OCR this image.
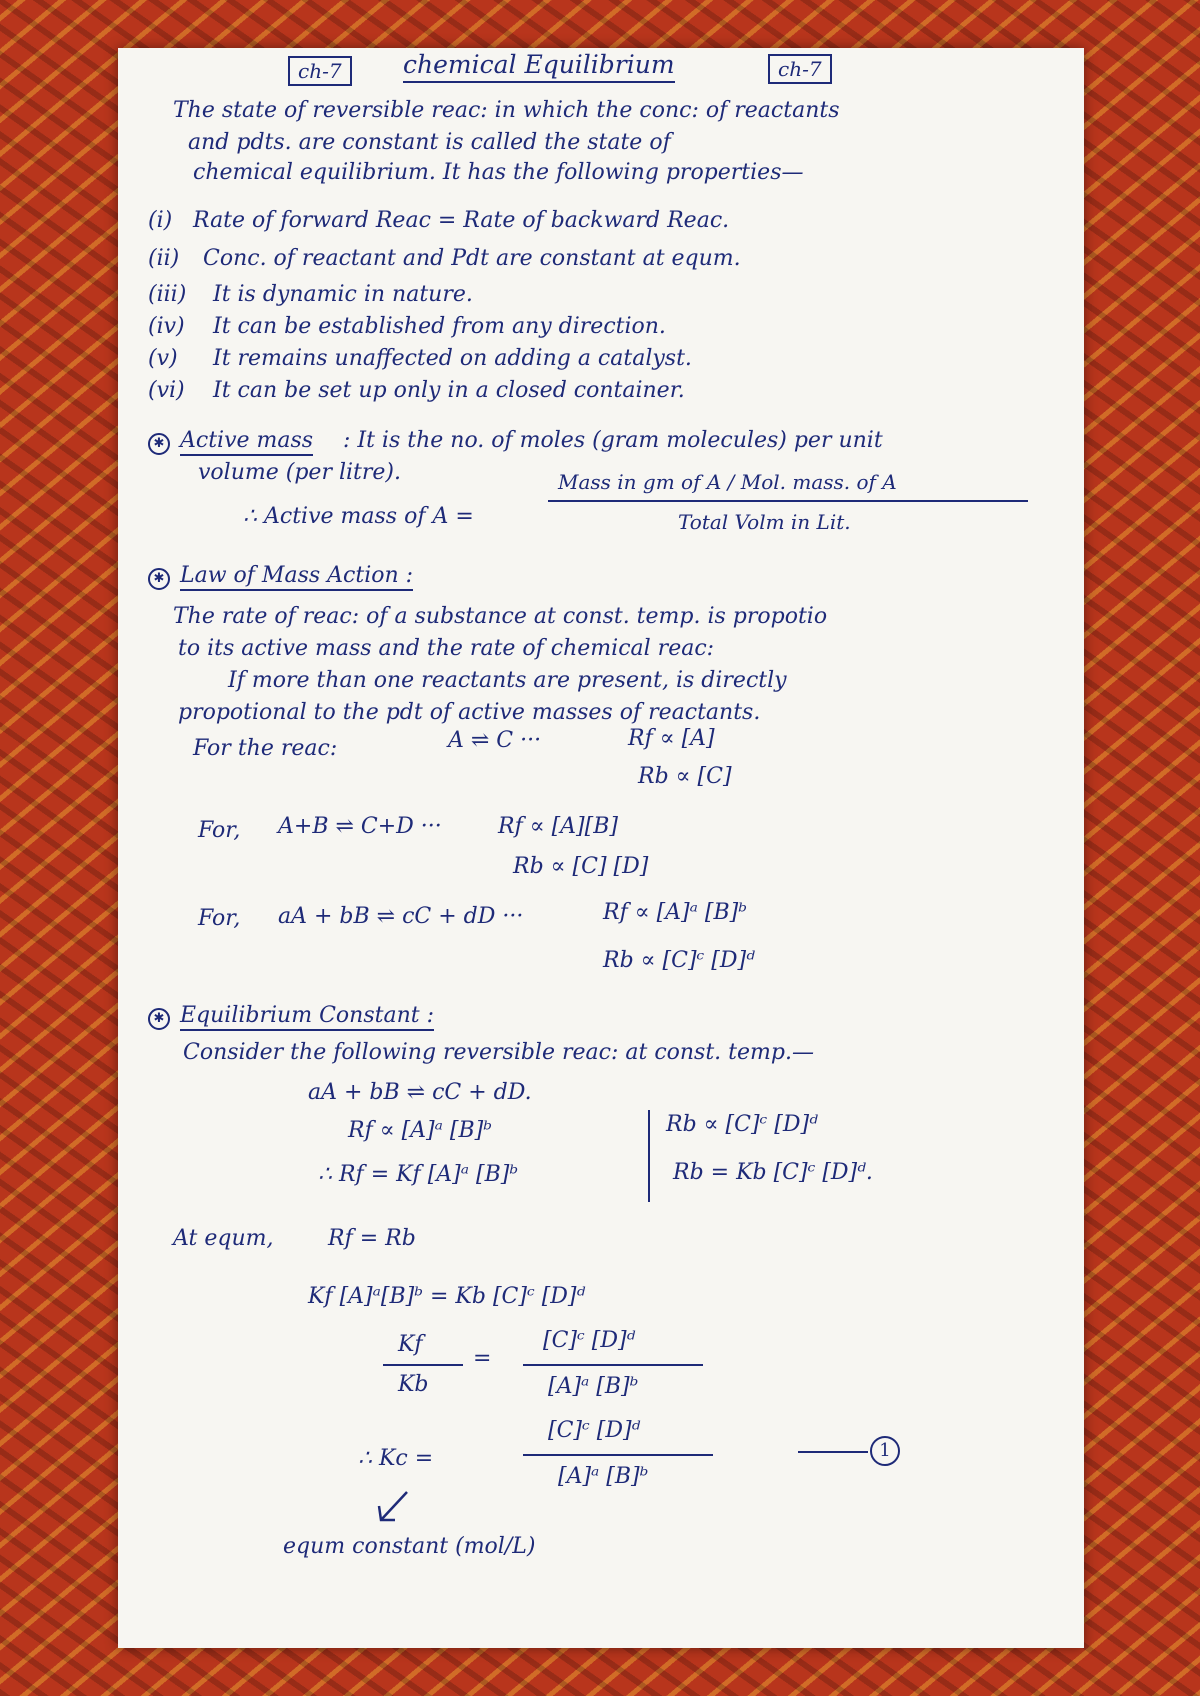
ch-7	chemical Equilibrium	ch-7
The state of reversible reac: in which the conc: of reactants
and pdts. are constant is called the state of
chemical equilibrium. It has the following properties—
(i) Rate of forward Reac = Rate of backward Reac.
(ii) Conc. of reactant and Pdt are constant at equm.
(iii) It is dynamic in nature.
(iv) It can be established from any direction.
(v) It remains unaffected on adding a catalyst.
(vi) It can be set up only in a closed container.
✱ Active mass : It is the no. of moles (gram molecules) per unit
volume (per litre).
∴ Active mass of A =
Mass in gm of A / Mol. mass. of A
Total Volm in Lit.
✱ Law of Mass Action :
The rate of reac: of a substance at const. temp. is propotio
to its active mass and the rate of chemical reac:
If more than one reactants are present, is directly
propotional to the pdt of active masses of reactants.
For the reac:	A ⇌ C ···	Rf ∝ [A]
Rb ∝ [C]
For, A+B ⇌ C+D ···	Rf ∝ [A][B]
Rb ∝ [C] [D]
For, aA + bB ⇌ cC + dD ···	Rf ∝ [A]ᵃ [B]ᵇ
Rb ∝ [C]ᶜ [D]ᵈ
✱ Equilibrium Constant :
Consider the following reversible reac: at const. temp.—
aA + bB ⇌ cC + dD.
Rf ∝ [A]ᵃ [B]ᵇ
∴ Rf = Kf [A]ᵃ [B]ᵇ
Rb ∝ [C]ᶜ [D]ᵈ
Rb = Kb [C]ᶜ [D]ᵈ.
At equm, Rf = Rb
Kf [A]ᵃ[B]ᵇ = Kb [C]ᶜ [D]ᵈ
Kf
Kb
=
[C]ᶜ [D]ᵈ
[A]ᵃ [B]ᵇ
∴ Kc =
[C]ᶜ [D]ᵈ
[A]ᵃ [B]ᵇ
1
equm constant (mol/L)
